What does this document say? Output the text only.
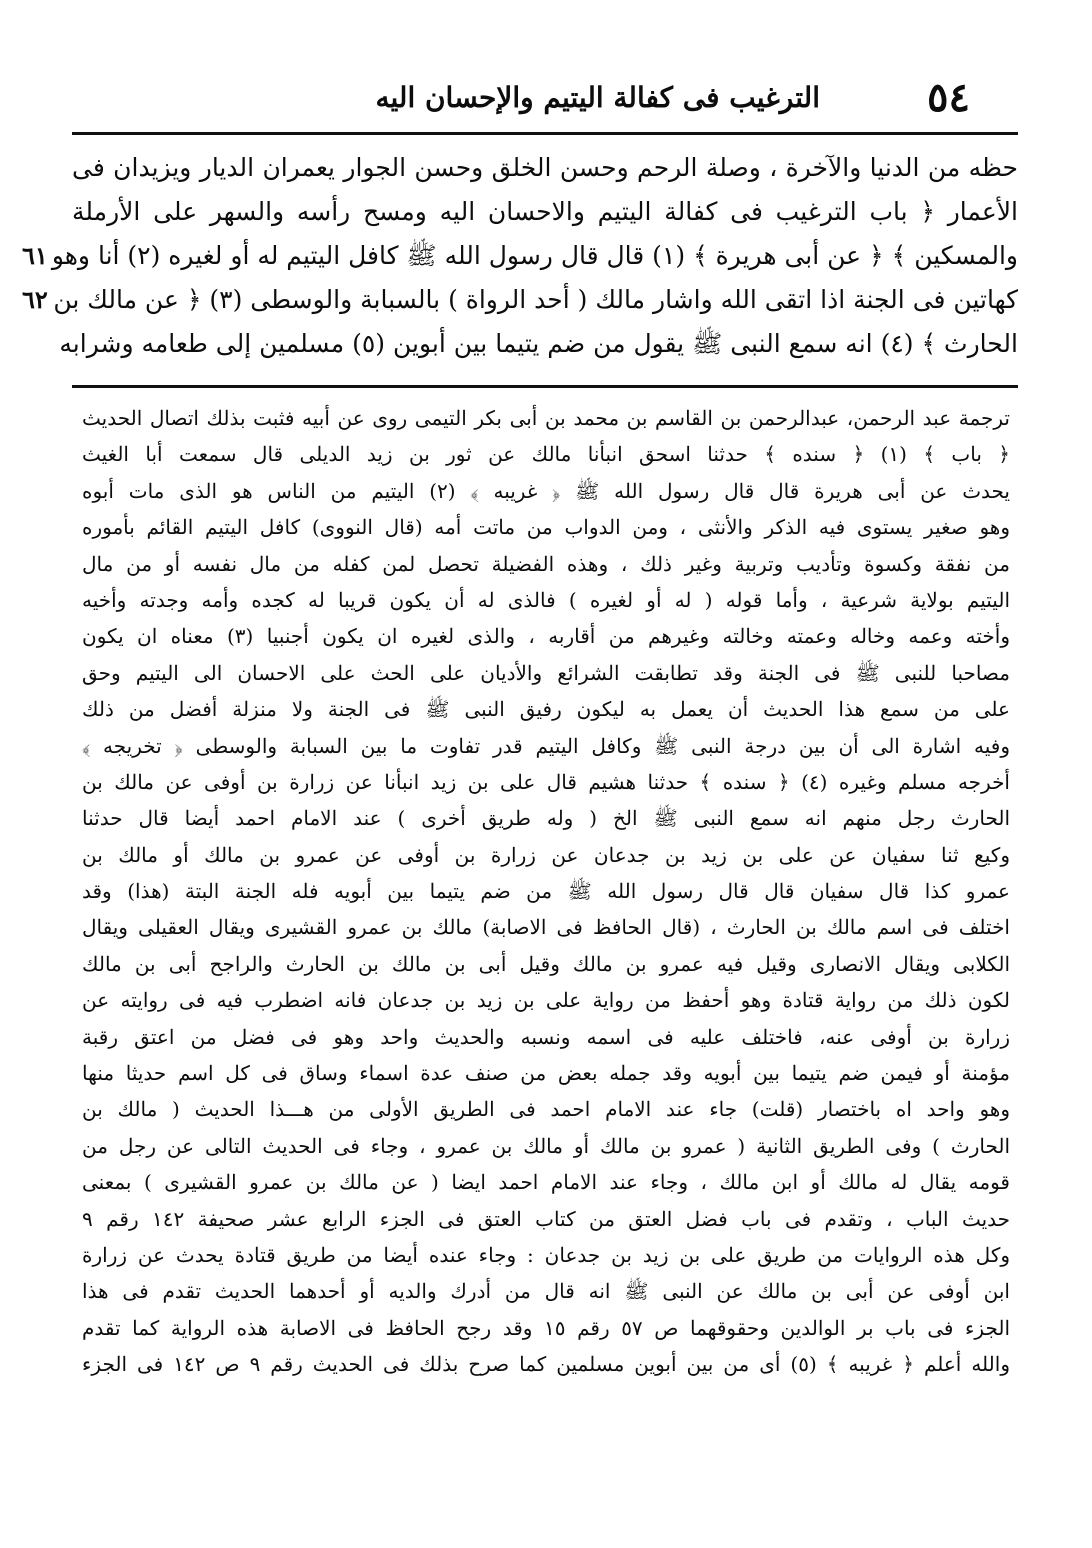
٥٤
الترغيب فى كفالة اليتيم والإحسان اليه
٦١
٦٢
حظه من الدنيا والآخرة ، وصلة الرحم وحسن الخلق وحسن الجوار يعمران الديار ويزيدان فى
الأعمار ﴿ باب الترغيب فى كفالة اليتيم والاحسان اليه ومسح رأسه والسهر على الأرملة
والمسكين ﴾ ﴿ عن أبى هريرة ﴾ (١) قال قال رسول الله ﷺ كافل اليتيم له أو لغيره (٢) أنا وهو
كهاتين فى الجنة اذا اتقى الله واشار مالك ( أحد الرواة ) بالسبابة والوسطى (٣) ﴿ عن مالك بن
الحارث ﴾ (٤) انه سمع النبى ﷺ يقول من ضم يتيما بين أبوين (٥) مسلمين إلى طعامه وشرابه
ترجمة عبد الرحمن، عبدالرحمن بن القاسم بن محمد بن أبى بكر التيمى روى عن أبيه فثبت بذلك اتصال الحديث
﴿ باب ﴾ (١) ﴿ سنده ﴾ حدثنا اسحق انبأنا مالك عن ثور بن زيد الديلى قال سمعت أبا الغيث
يحدث عن أبى هريرة قال قال رسول الله ﷺ ﴿ غريبه ﴾ (٢) اليتيم من الناس هو الذى مات أبوه
وهو صغير يستوى فيه الذكر والأنثى ، ومن الدواب من ماتت أمه (قال النووى) كافل اليتيم القائم بأموره
من نفقة وكسوة وتأديب وتربية وغير ذلك ، وهذه الفضيلة تحصل لمن كفله من مال نفسه أو من مال
اليتيم بولاية شرعية ، وأما قوله ( له أو لغيره ) فالذى له أن يكون قريبا له كجده وأمه وجدته وأخيه
وأخته وعمه وخاله وعمته وخالته وغيرهم من أقاربه ، والذى لغيره ان يكون أجنبيا (٣) معناه ان يكون
مصاحبا للنبى ﷺ فى الجنة وقد تطابقت الشرائع والأديان على الحث على الاحسان الى اليتيم وحق
على من سمع هذا الحديث أن يعمل به ليكون رفيق النبى ﷺ فى الجنة ولا منزلة أفضل من ذلك
وفيه اشارة الى أن بين درجة النبى ﷺ وكافل اليتيم قدر تفاوت ما بين السبابة والوسطى ﴿ تخريجه ﴾
أخرجه مسلم وغيره (٤) ﴿ سنده ﴾ حدثنا هشيم قال على بن زيد انبأنا عن زرارة بن أوفى عن مالك بن
الحارث رجل منهم انه سمع النبى ﷺ الخ ( وله طريق أخرى ) عند الامام احمد أيضا قال حدثنا
وكيع ثنا سفيان عن على بن زيد بن جدعان عن زرارة بن أوفى عن عمرو بن مالك أو مالك بن
عمرو كذا قال سفيان قال قال رسول الله ﷺ من ضم يتيما بين أبويه فله الجنة البتة (هذا) وقد
اختلف فى اسم مالك بن الحارث ، (قال الحافظ فى الاصابة) مالك بن عمرو القشيرى ويقال العقيلى ويقال
الكلابى ويقال الانصارى وقيل فيه عمرو بن مالك وقيل أبى بن مالك بن الحارث والراجح أبى بن مالك
لكون ذلك من رواية قتادة وهو أحفظ من رواية على بن زيد بن جدعان فانه اضطرب فيه فى روايته عن
زرارة بن أوفى عنه، فاختلف عليه فى اسمه ونسبه والحديث واحد وهو فى فضل من اعتق رقبة
مؤمنة أو فيمن ضم يتيما بين أبويه وقد جمله بعض من صنف عدة اسماء وساق فى كل اسم حديثا منها
وهو واحد اه باختصار (قلت) جاء عند الامام احمد فى الطريق الأولى من هـــذا الحديث ( مالك بن
الحارث ) وفى الطريق الثانية ( عمرو بن مالك أو مالك بن عمرو ، وجاء فى الحديث التالى عن رجل من
قومه يقال له مالك أو ابن مالك ، وجاء عند الامام احمد ايضا ( عن مالك بن عمرو القشيرى ) بمعنى
حديث الباب ، وتقدم فى باب فضل العتق من كتاب العتق فى الجزء الرابع عشر صحيفة ١٤٢ رقم ٩
وكل هذه الروايات من طريق على بن زيد بن جدعان : وجاء عنده أيضا من طريق قتادة يحدث عن زرارة
ابن أوفى عن أبى بن مالك عن النبى ﷺ انه قال من أدرك والديه أو أحدهما الحديث تقدم فى هذا
الجزء فى باب بر الوالدين وحقوقهما ص ٥٧ رقم ١٥ وقد رجح الحافظ فى الاصابة هذه الرواية كما تقدم
والله أعلم ﴿ غريبه ﴾ (٥) أى من بين أبوين مسلمين كما صرح بذلك فى الحديث رقم ٩ ص ١٤٢ فى الجزء
